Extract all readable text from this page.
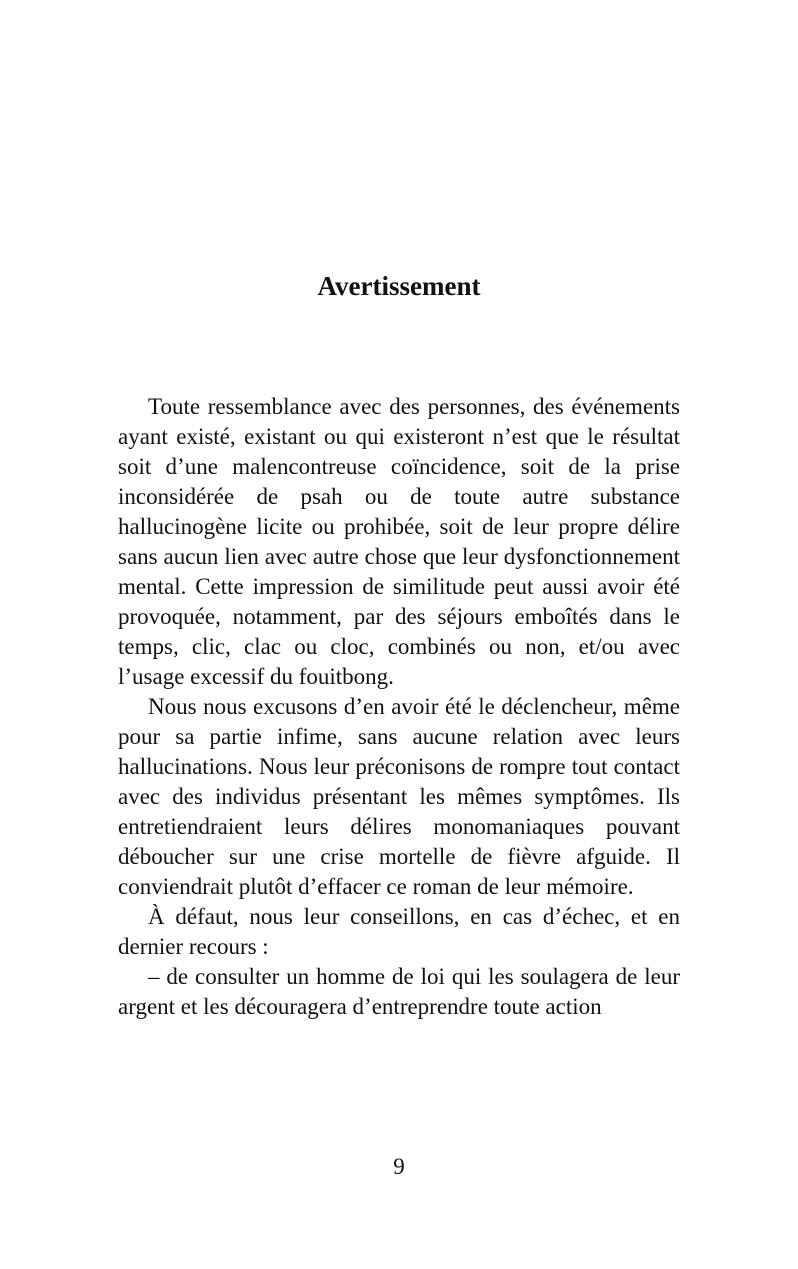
Avertissement

Toute ressemblance avec des personnes, des événements ayant existé, existant ou qui existeront n’est que le résultat soit d’une malencontreuse coïncidence, soit de la prise inconsidérée de psah ou de toute autre substance hallucinogène licite ou prohibée, soit de leur propre délire sans aucun lien avec autre chose que leur dysfonctionnement mental. Cette impression de similitude peut aussi avoir été provoquée, notamment, par des séjours emboîtés dans le temps, clic, clac ou cloc, combinés ou non, et/ou avec l’usage excessif du fouitbong.

Nous nous excusons d’en avoir été le déclencheur, même pour sa partie infime, sans aucune relation avec leurs hallucinations. Nous leur préconisons de rompre tout contact avec des individus présentant les mêmes symptômes. Ils entretiendraient leurs délires monomaniaques pouvant déboucher sur une crise mortelle de fièvre afguide. Il conviendrait plutôt d’effacer ce roman de leur mémoire.

À défaut, nous leur conseillons, en cas d’échec, et en dernier recours :

– de consulter un homme de loi qui les soulagera de leur argent et les découragera d’entreprendre toute action

9
